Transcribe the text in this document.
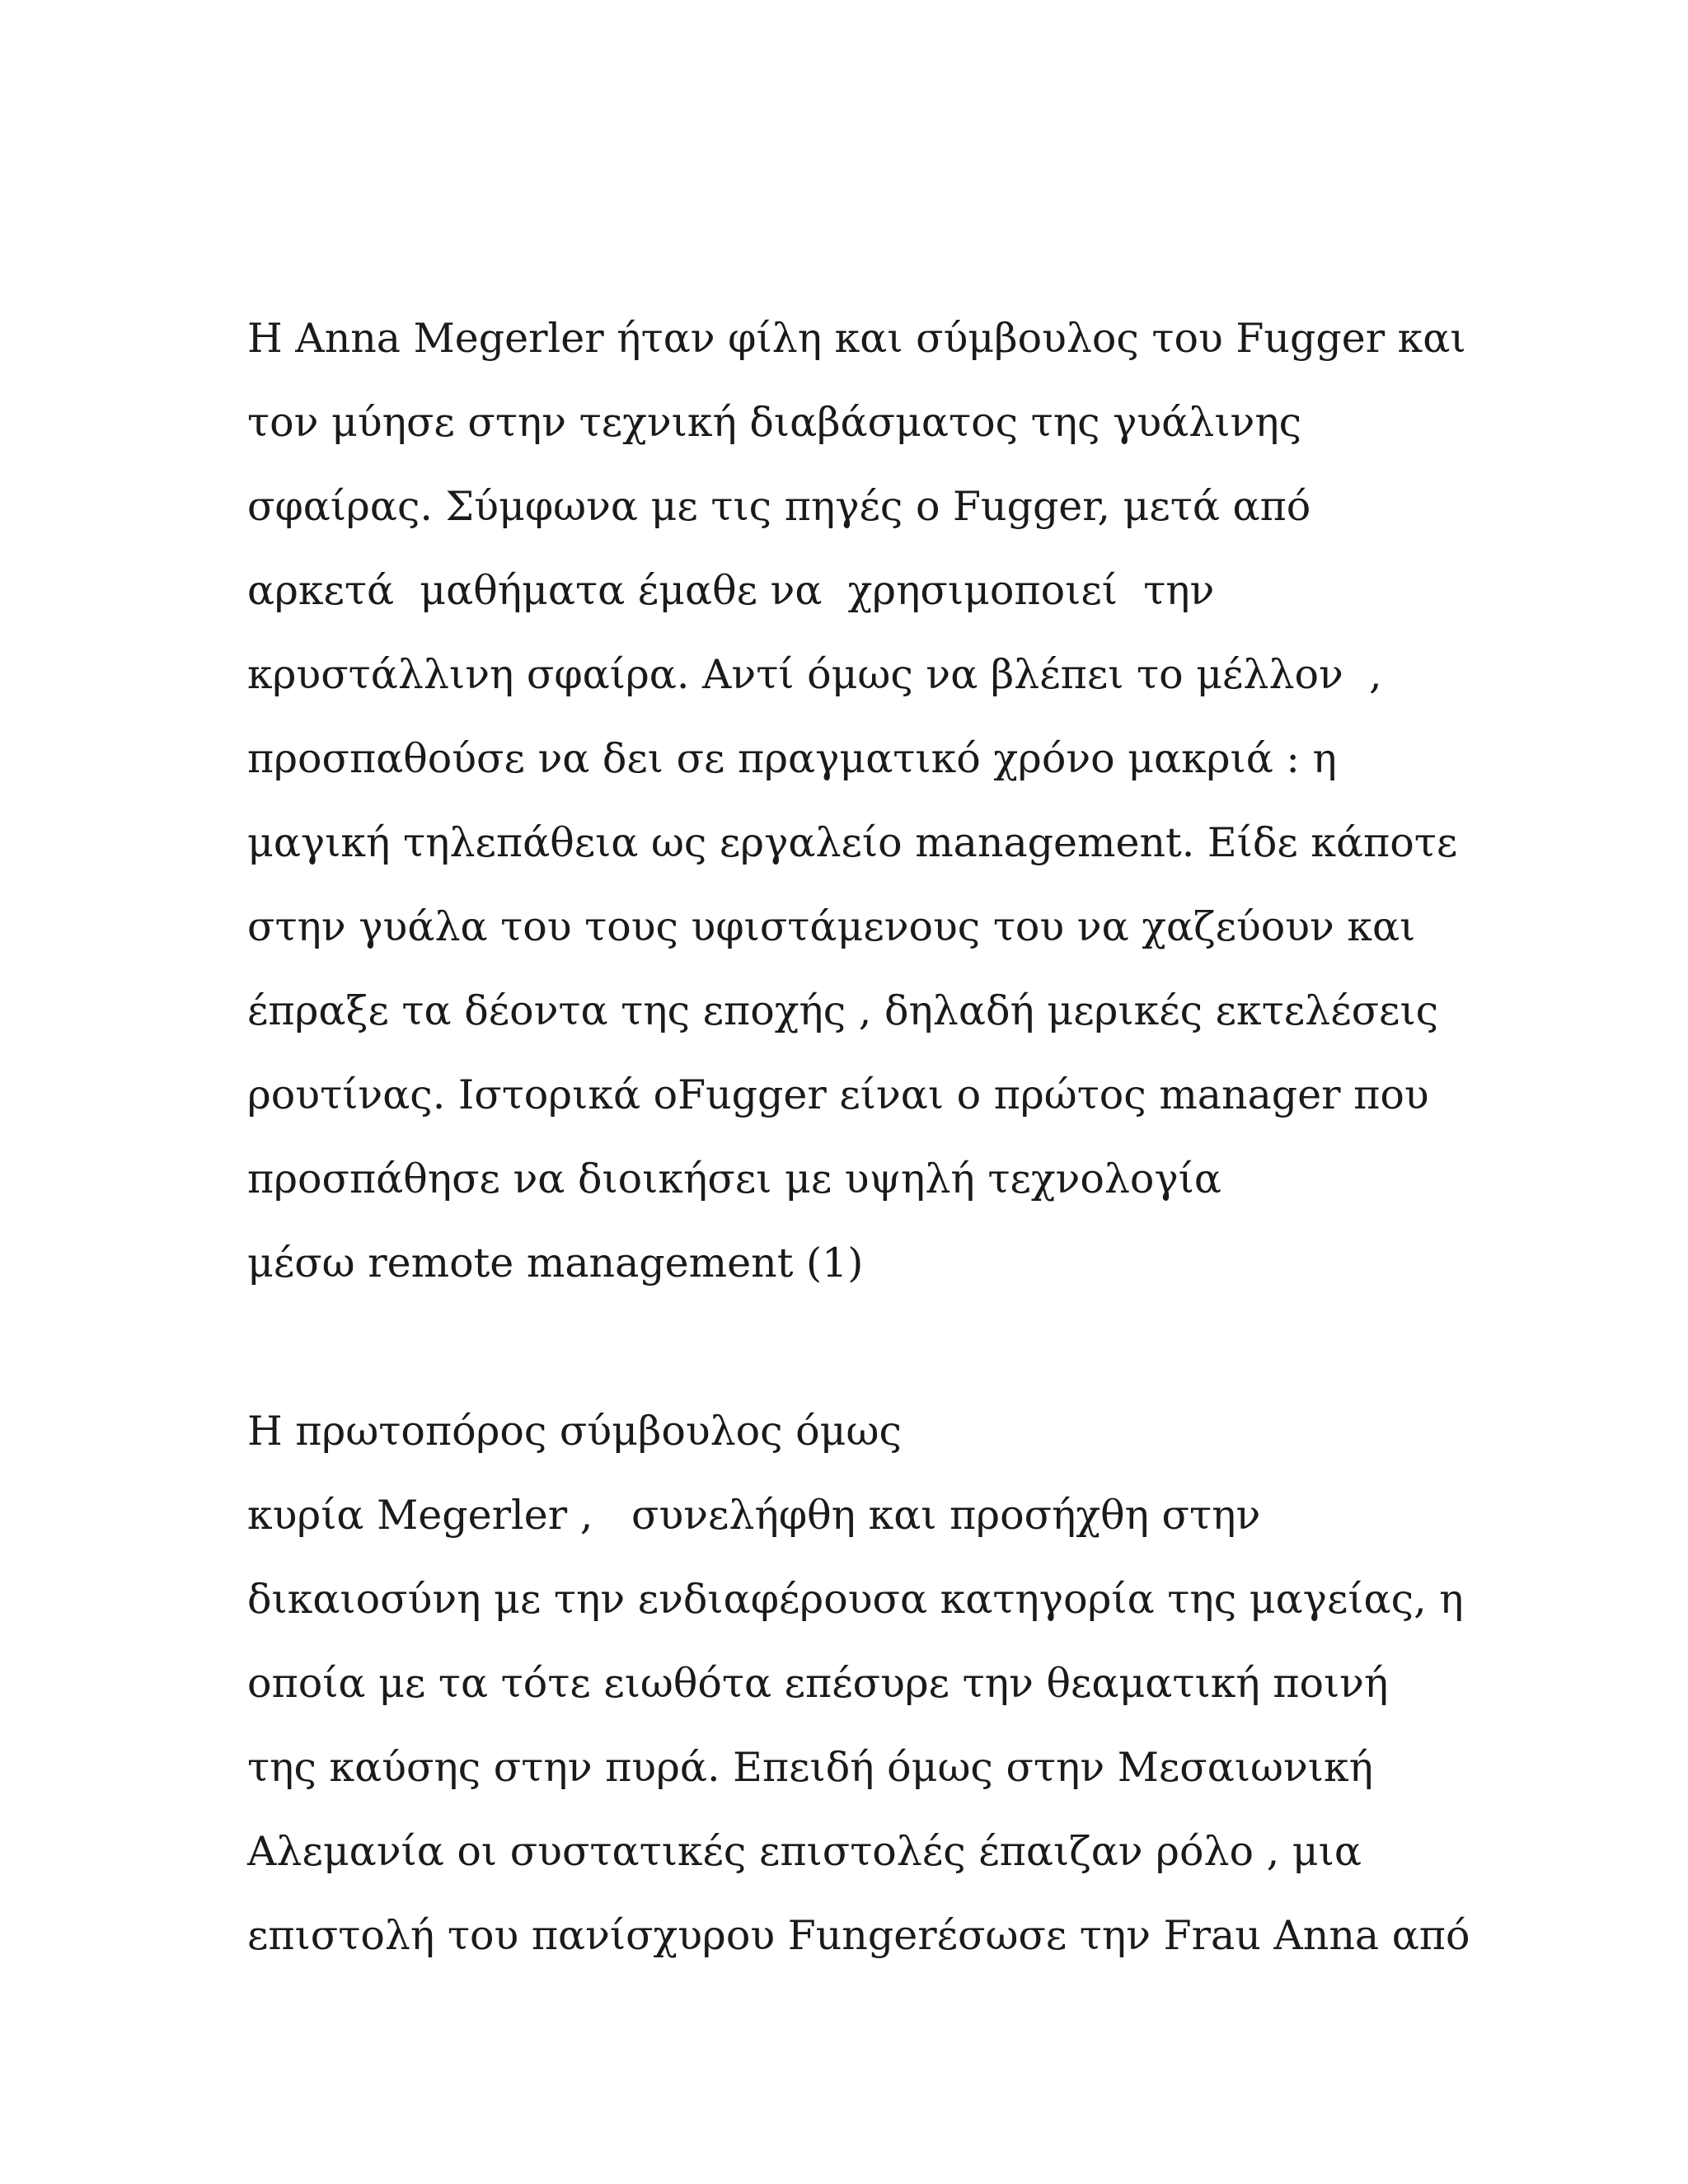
Η Anna Megerler ήταν φίλη και σύμβουλος του Fugger και
τον μύησε στην τεχνική διαβάσματος της γυάλινης
σφαίρας. Σύμφωνα με τις πηγές ο Fugger, μετά από
αρκετά  μαθήματα έμαθε να  χρησιμοποιεί  την
κρυστάλλινη σφαίρα. Αντί όμως να βλέπει το μέλλον  ,
προσπαθούσε να δει σε πραγματικό χρόνο μακριά : η
μαγική τηλεπάθεια ως εργαλείο management. Είδε κάποτε
στην γυάλα του τους υφιστάμενους του να χαζεύουν και
έπραξε τα δέοντα της εποχής , δηλαδή μερικές εκτελέσεις
ρουτίνας. Ιστορικά οFugger είναι ο πρώτος manager που
προσπάθησε να διοικήσει με υψηλή τεχνολογία
μέσω remote management (1)
Η πρωτοπόρος σύμβουλος όμως
κυρία Megerler ,   συνελήφθη και προσήχθη στην
δικαιοσύνη με την ενδιαφέρουσα κατηγορία της μαγείας, η
οποία με τα τότε ειωθότα επέσυρε την θεαματική ποινή
της καύσης στην πυρά. Επειδή όμως στην Μεσαιωνική
Αλεμανία οι συστατικές επιστολές έπαιζαν ρόλο , μια
επιστολή του πανίσχυρου Fungerέσωσε την Frau Anna από
